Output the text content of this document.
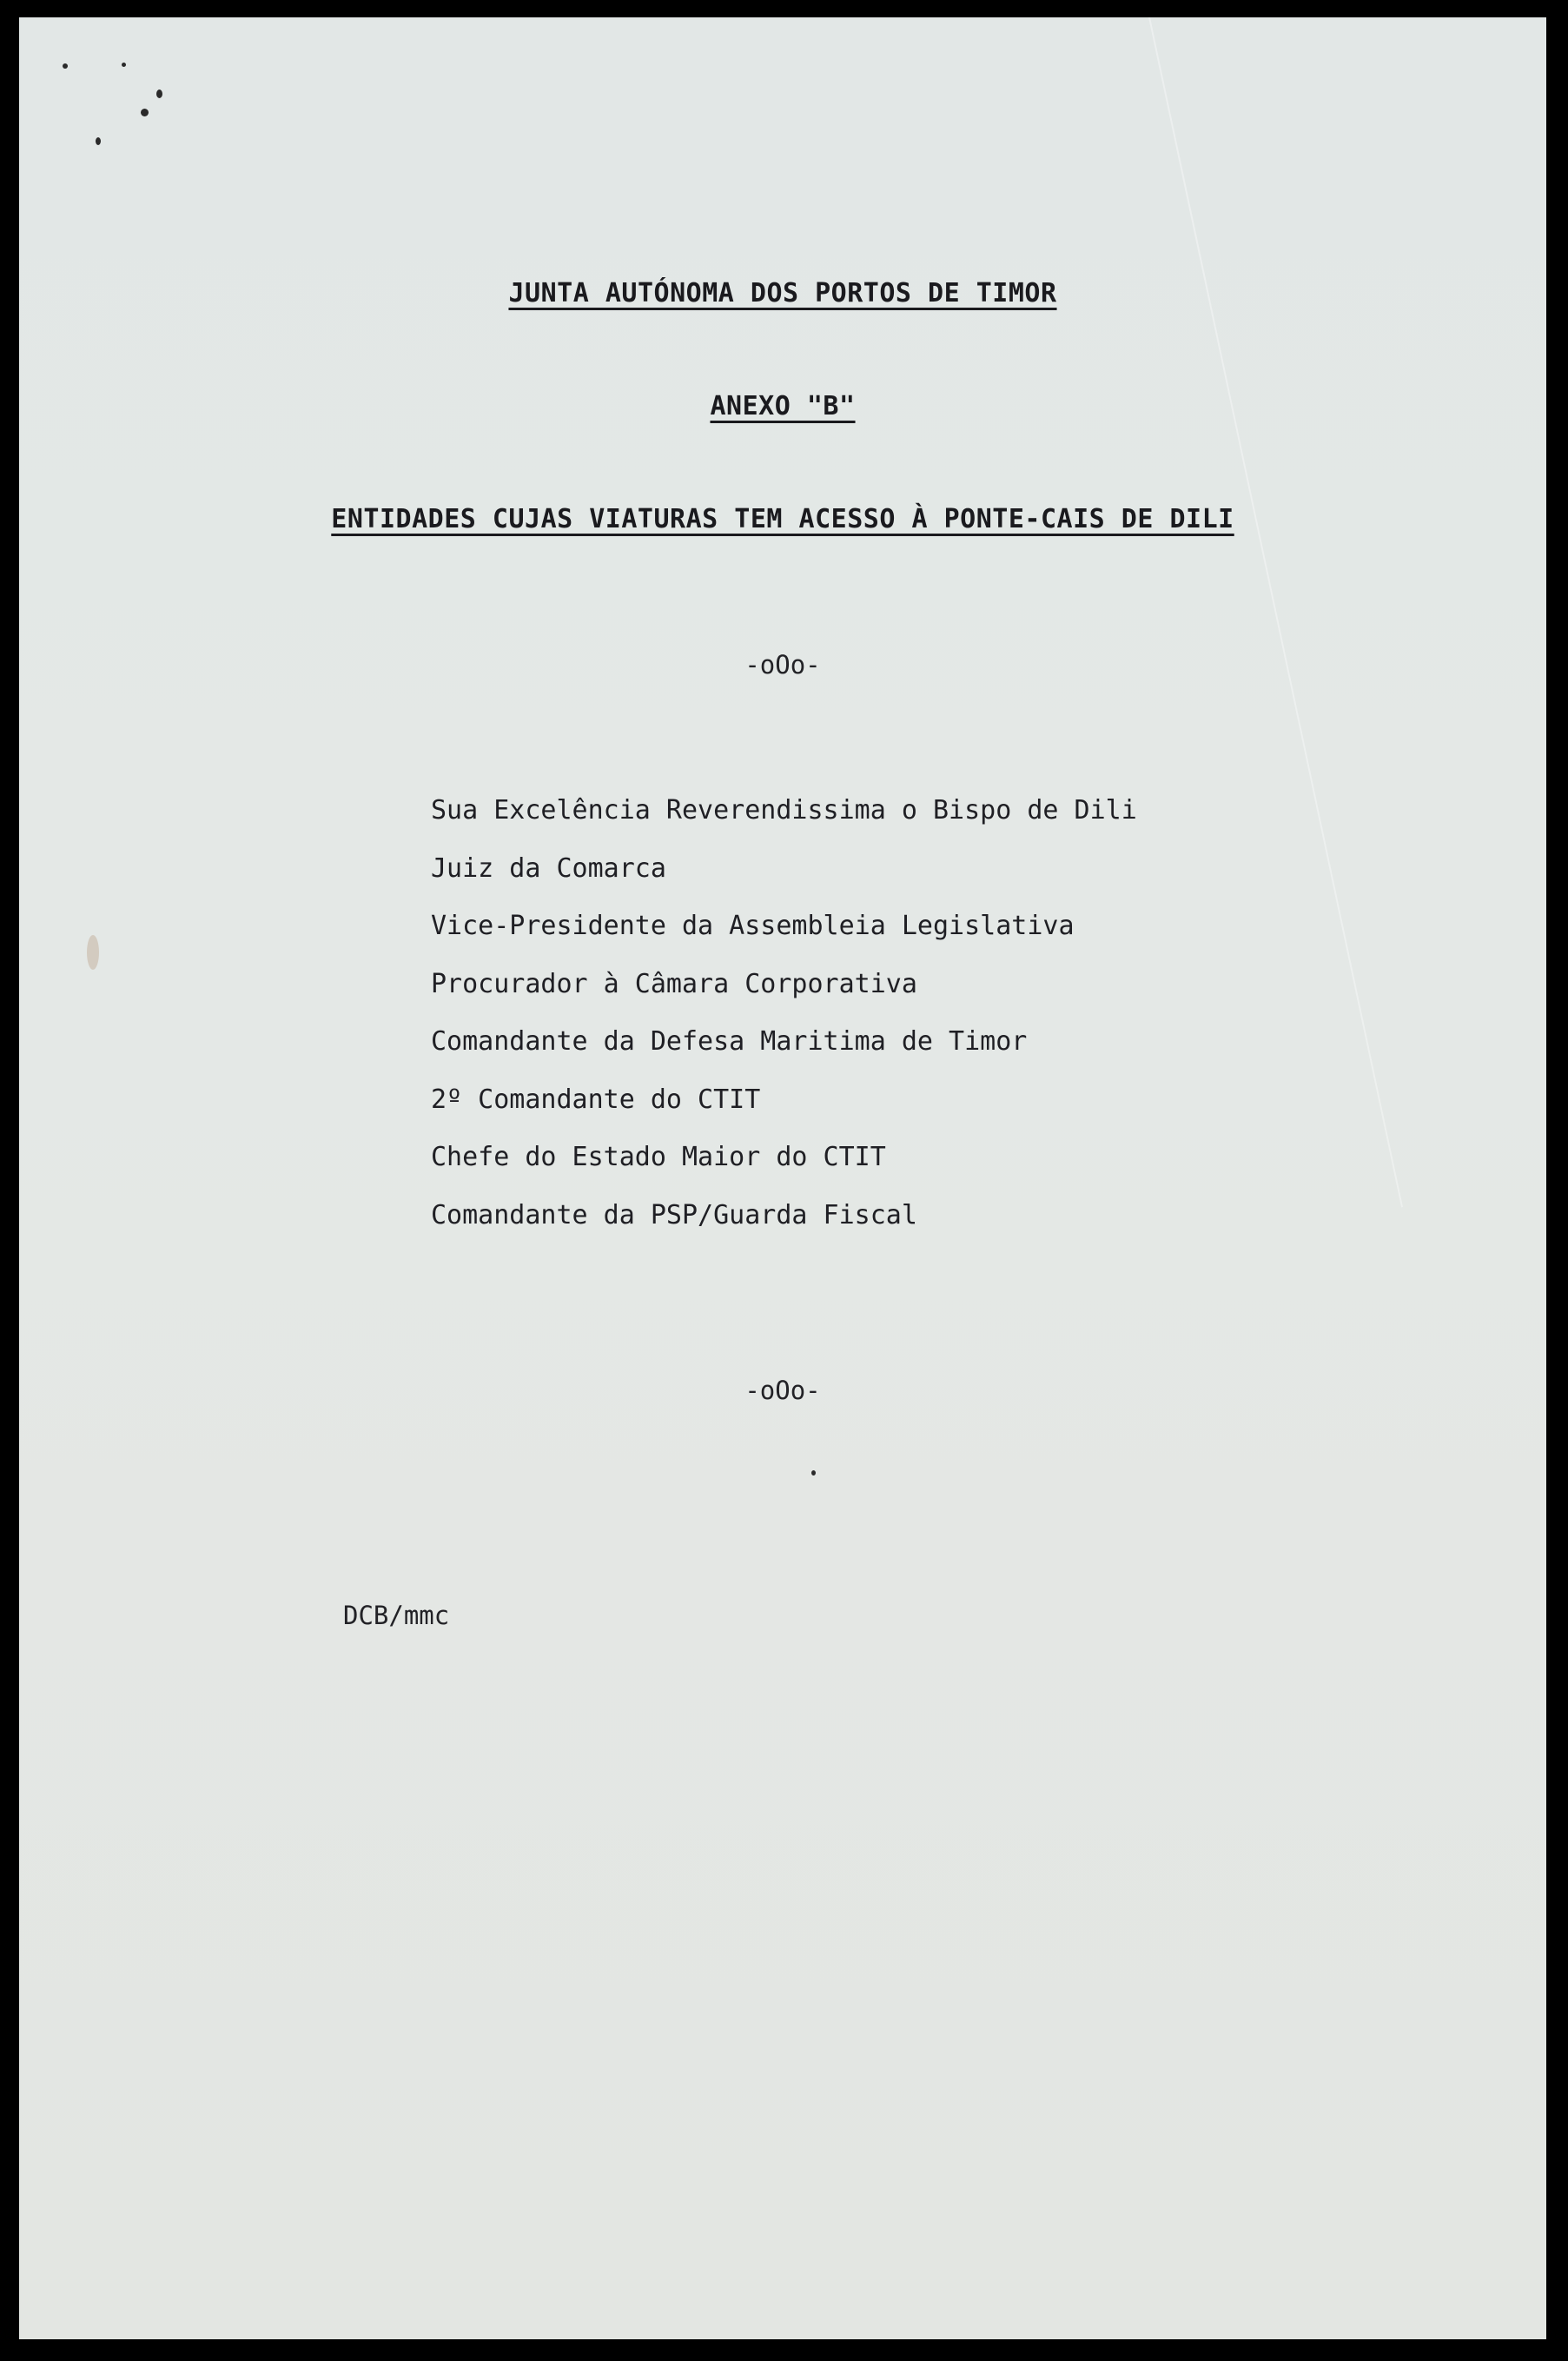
JUNTA AUTÓNOMA DOS PORTOS DE TIMOR
ANEXO "B"
ENTIDADES CUJAS VIATURAS TEM ACESSO À PONTE-CAIS DE DILI
-oOo-
Sua Excelência Reverendissima o Bispo de Dili
Juiz da Comarca
Vice-Presidente da Assembleia Legislativa
Procurador à Câmara Corporativa
Comandante da Defesa Maritima de Timor
2º Comandante do CTIT
Chefe do Estado Maior do CTIT
Comandante da PSP/Guarda Fiscal
-oOo-
DCB/mmc
